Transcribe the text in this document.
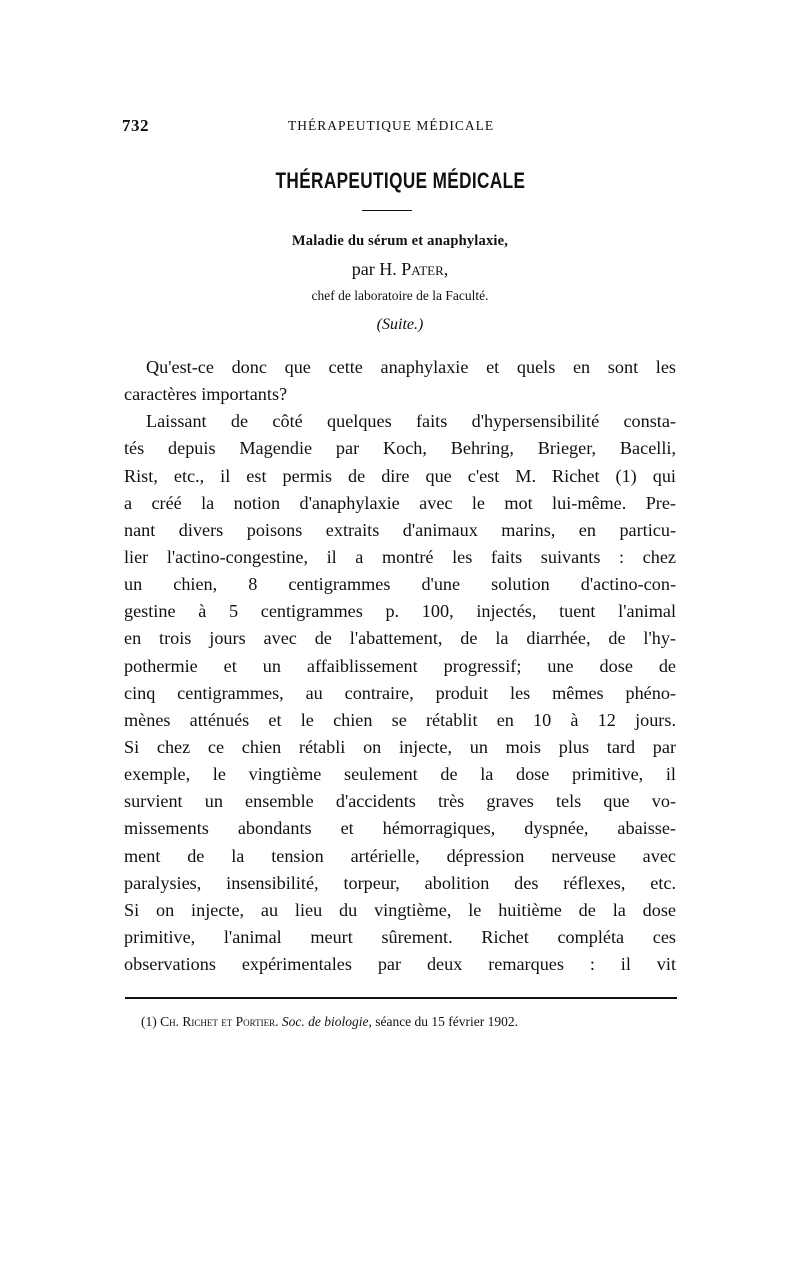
732	THÉRAPEUTIQUE MÉDICALE
THÉRAPEUTIQUE MÉDICALE
Maladie du sérum et anaphylaxie,
par H. Pater,
chef de laboratoire de la Faculté.
(Suite.)
Qu'est-ce donc que cette anaphylaxie et quels en sont les
caractères importants?
Laissant de côté quelques faits d'hypersensibilité consta-
tés depuis Magendie par Koch, Behring, Brieger, Bacelli,
Rist, etc., il est permis de dire que c'est M. Richet (1) qui
a créé la notion d'anaphylaxie avec le mot lui-même. Pre-
nant divers poisons extraits d'animaux marins, en particu-
lier l'actino-congestine, il a montré les faits suivants : chez
un chien, 8 centigrammes d'une solution d'actino-con-
gestine à 5 centigrammes p. 100, injectés, tuent l'animal
en trois jours avec de l'abattement, de la diarrhée, de l'hy-
pothermie et un affaiblissement progressif; une dose de
cinq centigrammes, au contraire, produit les mêmes phéno-
mènes atténués et le chien se rétablit en 10 à 12 jours.
Si chez ce chien rétabli on injecte, un mois plus tard par
exemple, le vingtième seulement de la dose primitive, il
survient un ensemble d'accidents très graves tels que vo-
missements abondants et hémorragiques, dyspnée, abaisse-
ment de la tension artérielle, dépression nerveuse avec
paralysies, insensibilité, torpeur, abolition des réflexes, etc.
Si on injecte, au lieu du vingtième, le huitième de la dose
primitive, l'animal meurt sûrement. Richet compléta ces
observations expérimentales par deux remarques : il vit
(1) Ch. Richet et Portier. Soc. de biologie, séance du 15 février 1902.
